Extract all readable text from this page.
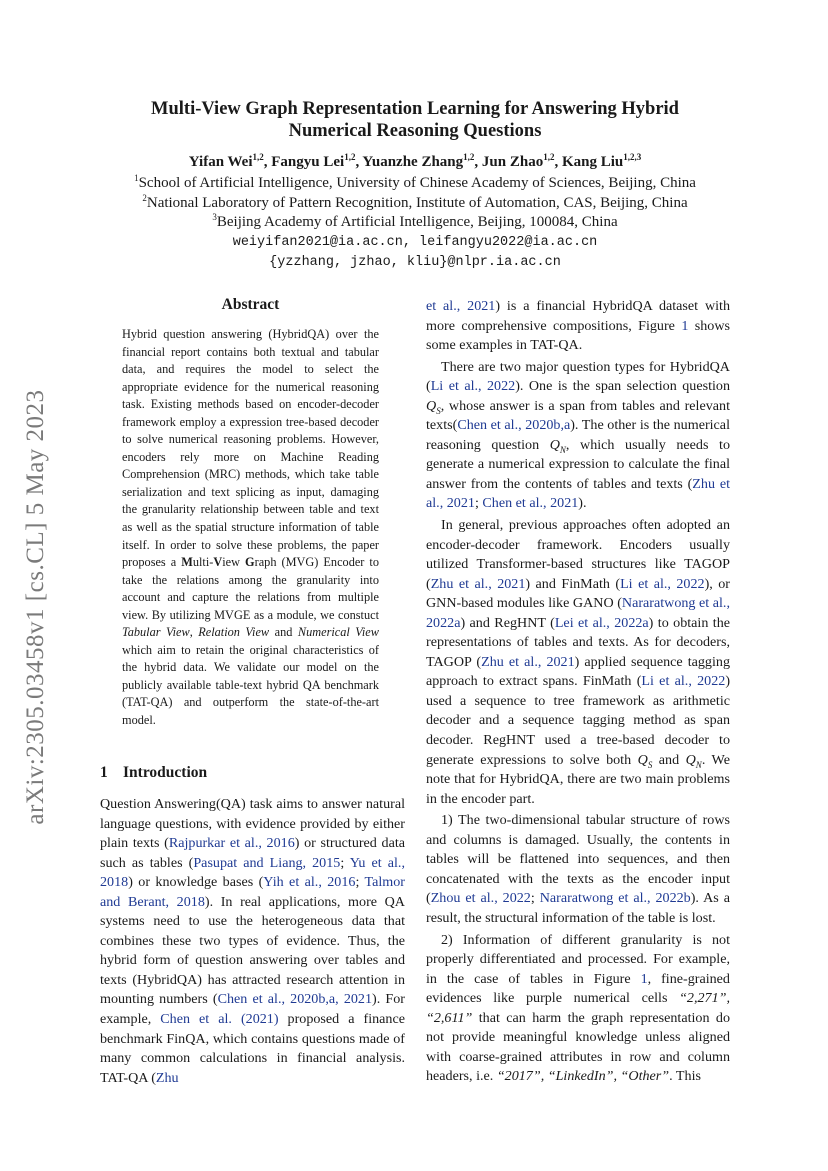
arXiv:2305.03458v1 [cs.CL] 5 May 2023
Multi-View Graph Representation Learning for Answering Hybrid
Numerical Reasoning Questions
Yifan Wei$^{1,2}$, Fangyu Lei$^{1,2}$, Yuanzhe Zhang$^{1,2}$, Jun Zhao$^{1,2}$, Kang Liu$^{1,2,3}$
$^1$School of Artificial Intelligence, University of Chinese Academy of Sciences, Beijing, China
$^2$National Laboratory of Pattern Recognition, Institute of Automation, CAS, Beijing, China
$^3$Beijing Academy of Artificial Intelligence, Beijing, 100084, China
weiyifan2021@ia.ac.cn, leifangyu2022@ia.ac.cn
{yzzhang, jzhao, kliu}@nlpr.ia.ac.cn
Abstract
Hybrid question answering (HybridQA) over the financial report contains both textual and tabular data, and requires the model to select the appropriate evidence for the numerical reasoning task. Existing methods based on encoder-decoder framework employ a expression tree-based decoder to solve numerical reasoning problems. However, encoders rely more on Machine Reading Comprehension (MRC) methods, which take table serialization and text splicing as input, damaging the granularity relationship between table and text as well as the spatial structure information of table itself. In order to solve these problems, the paper proposes a Multi-View Graph (MVG) Encoder to take the relations among the granularity into account and capture the relations from multiple view. By utilizing MVGE as a module, we constuct Tabular View, Relation View and Numerical View which aim to retain the original characteristics of the hybrid data. We validate our model on the publicly available table-text hybrid QA benchmark (TAT-QA) and outperform the state-of-the-art model.
1 Introduction

Question Answering(QA) task aims to answer natural language questions, with evidence provided by either plain texts (Rajpurkar et al., 2016) or structured data such as tables (Pasupat and Liang, 2015; Yu et al., 2018) or knowledge bases (Yih et al., 2016; Talmor and Berant, 2018). In real applications, more QA systems need to use the heterogeneous data that combines these two types of evidence. Thus, the hybrid form of question answering over tables and texts (HybridQA) has attracted research attention in mounting numbers (Chen et al., 2020b,a, 2021). For example, Chen et al. (2021) proposed a finance benchmark FinQA, which contains questions made of many common calculations in financial analysis. TAT-QA (Zhu

et al., 2021) is a financial HybridQA dataset with more comprehensive compositions, Figure 1 shows some examples in TAT-QA.

There are two major question types for HybridQA (Li et al., 2022). One is the span selection question $Q_S$, whose answer is a span from tables and relevant texts(Chen et al., 2020b,a). The other is the numerical reasoning question $Q_N$, which usually needs to generate a numerical expression to calculate the final answer from the contents of tables and texts (Zhu et al., 2021; Chen et al., 2021).

In general, previous approaches often adopted an encoder-decoder framework. Encoders usually utilized Transformer-based structures like TAGOP (Zhu et al., 2021) and FinMath (Li et al., 2022), or GNN-based modules like GANO (Nararatwong et al., 2022a) and RegHNT (Lei et al., 2022a) to obtain the representations of tables and texts. As for decoders, TAGOP (Zhu et al., 2021) applied sequence tagging approach to extract spans. FinMath (Li et al., 2022) used a sequence to tree framework as arithmetic decoder and a sequence tagging method as span decoder. RegHNT used a tree-based decoder to generate expressions to solve both $Q_S$ and $Q_N$. We note that for HybridQA, there are two main problems in the encoder part.

1) The two-dimensional tabular structure of rows and columns is damaged. Usually, the contents in tables will be flattened into sequences, and then concatenated with the texts as the encoder input (Zhou et al., 2022; Nararatwong et al., 2022b). As a result, the structural information of the table is lost.

2) Information of different granularity is not properly differentiated and processed. For example, in the case of tables in Figure 1, fine-grained evidences like purple numerical cells “2,271”, “2,611” that can harm the graph representation do not provide meaningful knowledge unless aligned with coarse-grained attributes in row and column headers, i.e. “2017”, “LinkedIn”, “Other”. This
